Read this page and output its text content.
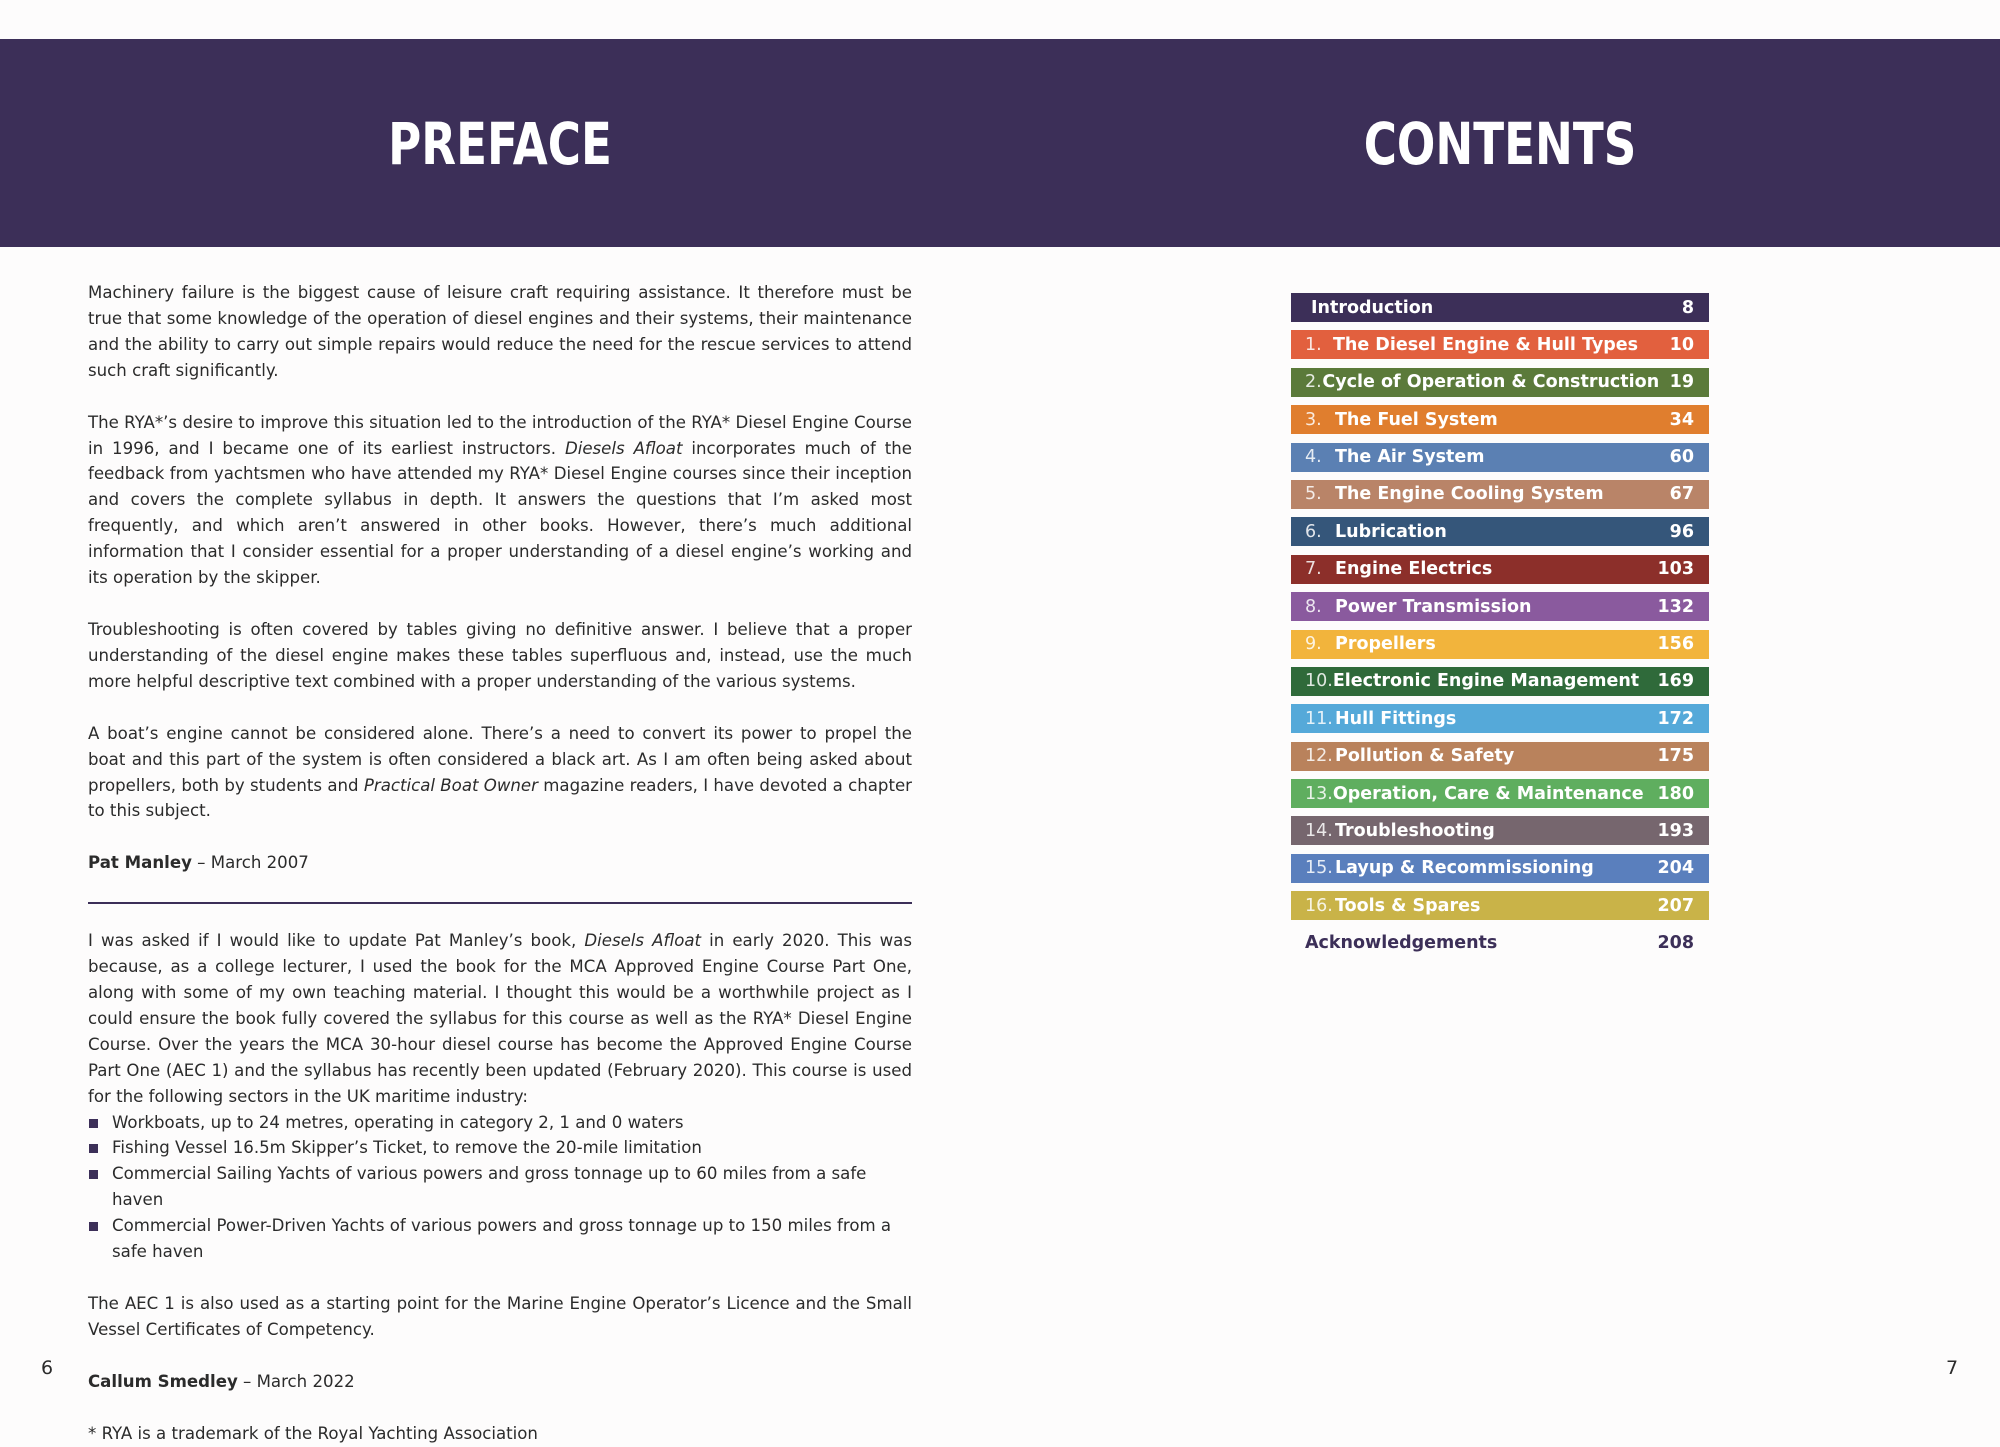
PREFACE	CONTENTS

Machinery failure is the biggest cause of leisure craft requiring assistance. It therefore must be true that some knowledge of the operation of diesel engines and their systems, their maintenance and the ability to carry out simple repairs would reduce the need for the rescue services to attend such craft significantly.

The RYA*’s desire to improve this situation led to the introduction of the RYA* Diesel Engine Course in 1996, and I became one of its earliest instructors. Diesels Afloat incorporates much of the feedback from yachtsmen who have attended my RYA* Diesel Engine courses since their inception and covers the complete syllabus in depth. It answers the questions that I’m asked most frequently, and which aren’t answered in other books. However, there’s much additional information that I consider essential for a proper understanding of a diesel engine’s working and its operation by the skipper.

Troubleshooting is often covered by tables giving no definitive answer. I believe that a proper understanding of the diesel engine makes these tables superfluous and, instead, use the much more helpful descriptive text combined with a proper understanding of the various systems.

A boat’s engine cannot be considered alone. There’s a need to convert its power to propel the boat and this part of the system is often considered a black art. As I am often being asked about propellers, both by students and Practical Boat Owner magazine readers, I have devoted a chapter to this subject.

Pat Manley – March 2007

I was asked if I would like to update Pat Manley’s book, Diesels Afloat in early 2020. This was because, as a college lecturer, I used the book for the MCA Approved Engine Course Part One, along with some of my own teaching material. I thought this would be a worthwhile project as I could ensure the book fully covered the syllabus for this course as well as the RYA* Diesel Engine Course. Over the years the MCA 30-hour diesel course has become the Approved Engine Course Part One (AEC 1) and the syllabus has recently been updated (February 2020). This course is used for the following sectors in the UK maritime industry:

Workboats, up to 24 metres, operating in category 2, 1 and 0 waters
Fishing Vessel 16.5m Skipper’s Ticket, to remove the 20-mile limitation
Commercial Sailing Yachts of various powers and gross tonnage up to 60 miles from a safe haven
Commercial Power-Driven Yachts of various powers and gross tonnage up to 150 miles from a safe haven

The AEC 1 is also used as a starting point for the Marine Engine Operator’s Licence and the Small Vessel Certificates of Competency.

Callum Smedley – March 2022

* RYA is a trademark of the Royal Yachting Association

Introduction	8
1. The Diesel Engine & Hull Types	10
2. Cycle of Operation & Construction 19
3. The Fuel System	34
4. The Air System	60
5. The Engine Cooling System	67
6. Lubrication	96
7. Engine Electrics	103
8. Power Transmission	132
9. Propellers	156
10. Electronic Engine Management	169
11. Hull Fittings	172
12. Pollution & Safety	175
13. Operation, Care & Maintenance 180
14. Troubleshooting	193
15. Layup & Recommissioning	204
16. Tools & Spares	207
Acknowledgements	208
6	7
